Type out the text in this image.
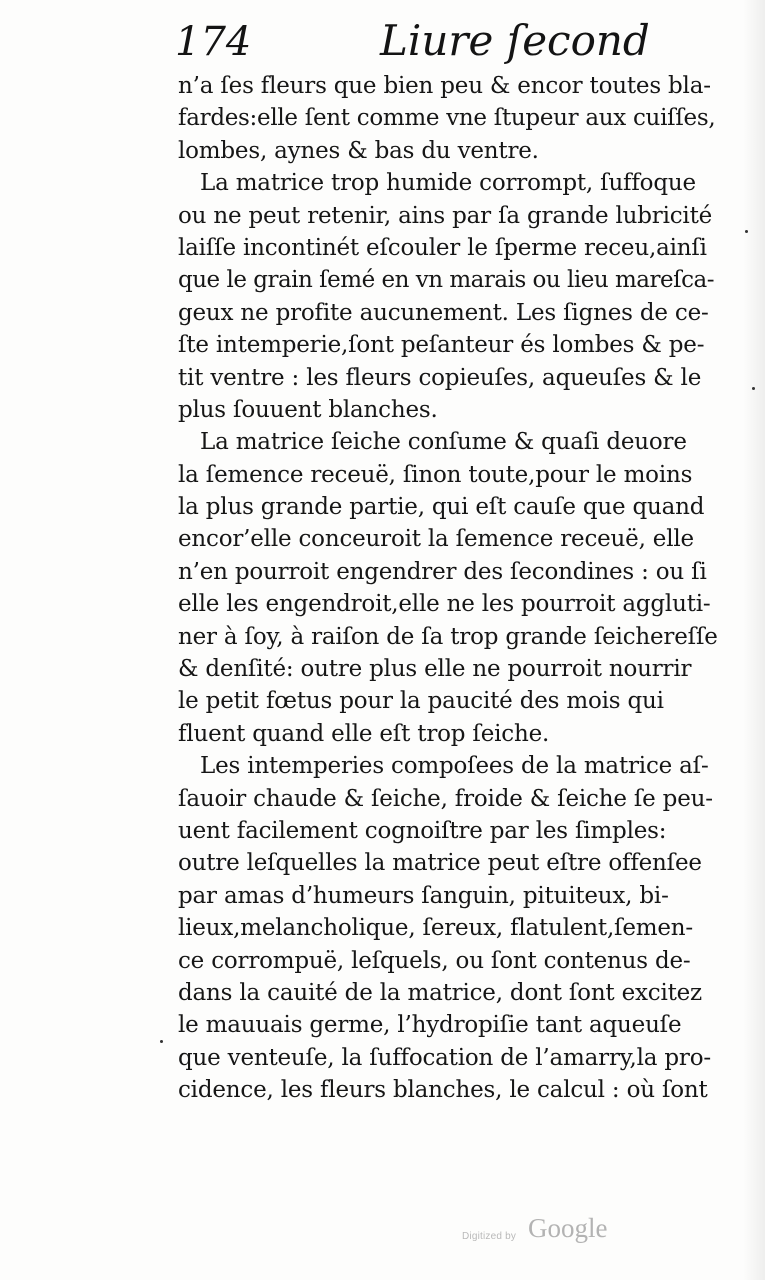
174	Liure ſecond
n’a ſes fleurs que bien peu & encor toutes bla-
fardes:elle ſent comme vne ſtupeur aux cuiſſes,
lombes, aynes & bas du ventre.
La matrice trop humide corrompt, ſuffoque
ou ne peut retenir, ains par ſa grande lubricité
laiſſe incontinét eſcouler le ſperme receu,ainſi
que le grain ſemé en vn marais ou lieu mareſca-
geux ne profite aucunement. Les ſignes de ce-
ſte intemperie,ſont peſanteur és lombes & pe-
tit ventre : les fleurs copieuſes, aqueuſes & le
plus ſouuent blanches.
La matrice ſeiche conſume & quaſi deuore
la ſemence receuë, ſinon toute,pour le moins
la plus grande partie, qui eſt cauſe que quand
encor’elle conceuroit la ſemence receuë, elle
n’en pourroit engendrer des ſecondines : ou ſi
elle les engendroit,elle ne les pourroit aggluti-
ner à ſoy, à raiſon de ſa trop grande ſeichereſſe
& denſité: outre plus elle ne pourroit nourrir
le petit fœtus pour la paucité des mois qui
fluent quand elle eſt trop ſeiche.
Les intemperies compoſees de la matrice aſ-
ſauoir chaude & ſeiche, froide & ſeiche ſe peu-
uent facilement cognoiſtre par les ſimples:
outre leſquelles la matrice peut eſtre offenſee
par amas d’humeurs ſanguin, pituiteux, bi-
lieux,melancholique, ſereux, flatulent,ſemen-
ce corrompuë, leſquels, ou ſont contenus de-
dans la cauité de la matrice, dont ſont excitez
le mauuais germe, l’hydropiſie tant aqueuſe
que venteuſe, la ſuffocation de l’amarry,la pro-
cidence, les fleurs blanches, le calcul : où ſont
Digitized by Google
